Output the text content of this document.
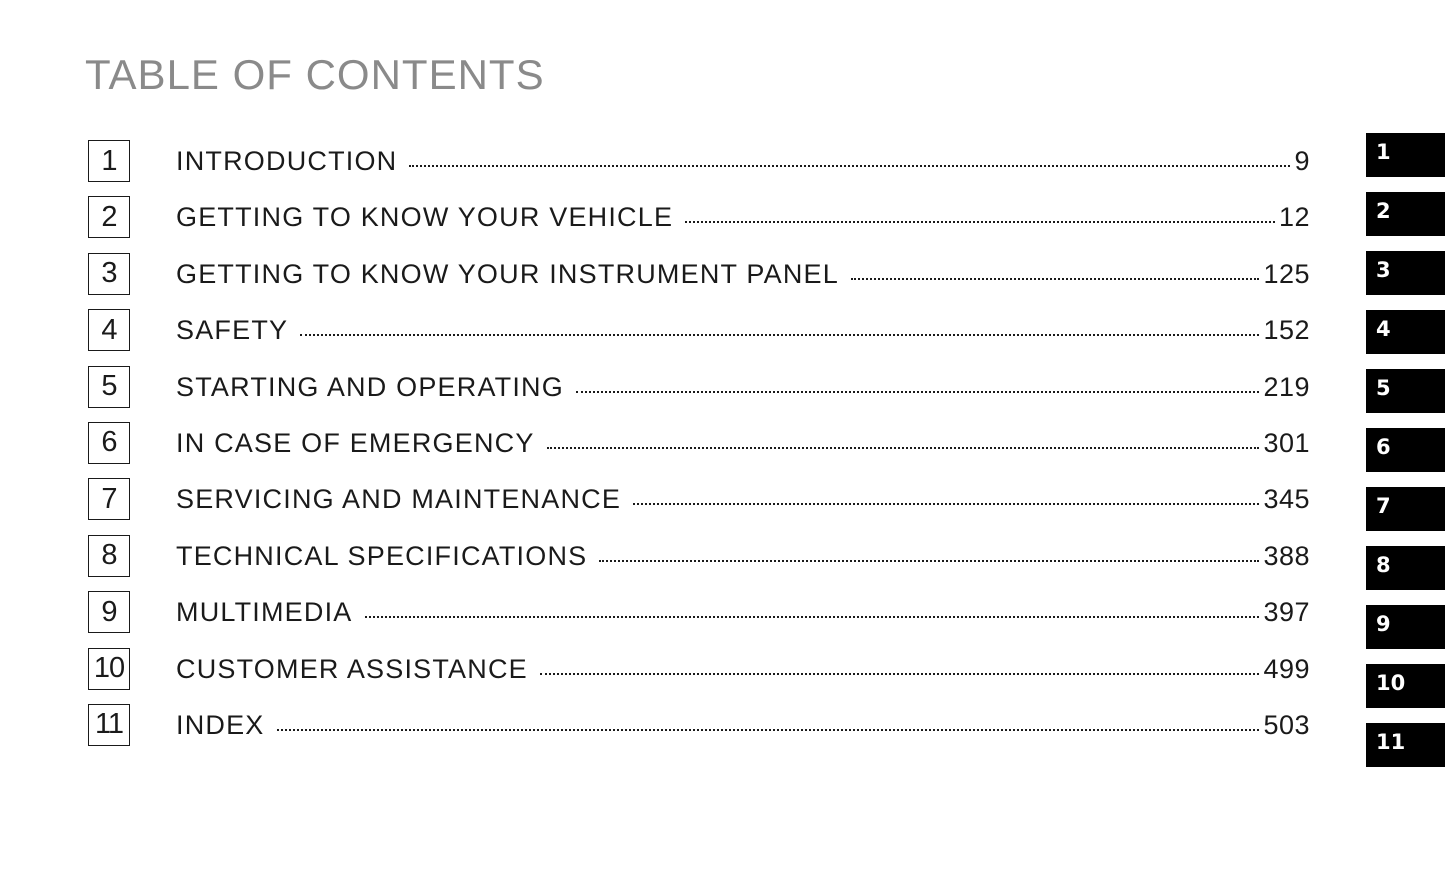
TABLE OF CONTENTS
1	INTRODUCTION	9
2	GETTING TO KNOW YOUR VEHICLE	12
3	GETTING TO KNOW YOUR INSTRUMENT PANEL	125
4	SAFETY	152
5	STARTING AND OPERATING	219
6	IN CASE OF EMERGENCY	301
7	SERVICING AND MAINTENANCE	345
8	TECHNICAL SPECIFICATIONS	388
9	MULTIMEDIA	397
10 CUSTOMER ASSISTANCE	499
11 INDEX	503
1
2
3
4
5
6
7
8
9
10
11
